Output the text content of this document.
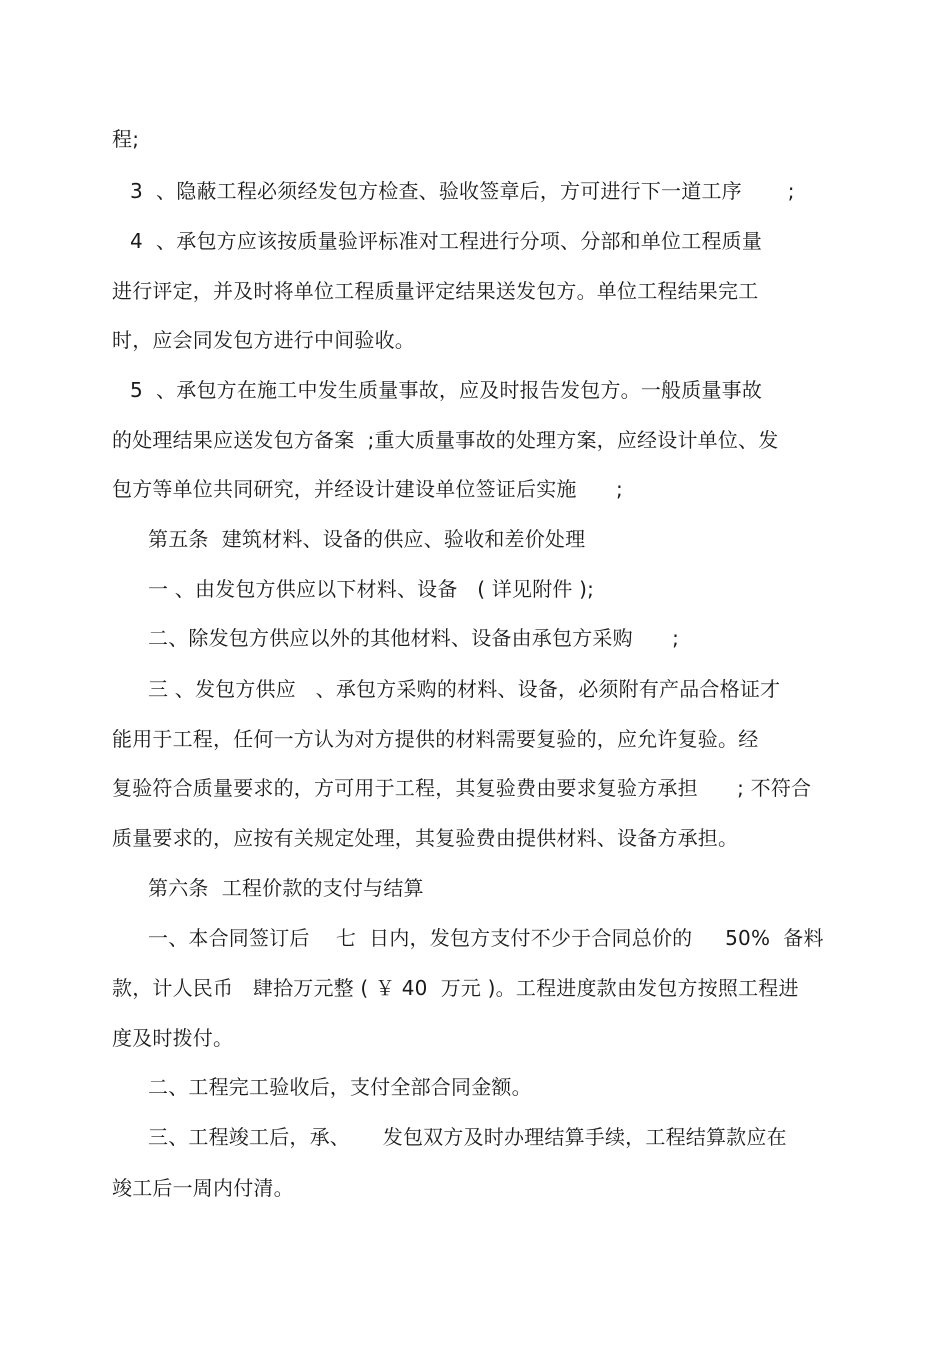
程;
3  、隐蔽工程必须经发包方检查、验收签章后，方可进行下一道工序       ;
4  、承包方应该按质量验评标准对工程进行分项、分部和单位工程质量
进行评定，并及时将单位工程质量评定结果送发包方。单位工程结果完工
时，应会同发包方进行中间验收。
5  、承包方在施工中发生质量事故，应及时报告发包方。一般质量事故
的处理结果应送发包方备案  ;重大质量事故的处理方案，应经设计单位、发
包方等单位共同研究，并经设计建设单位签证后实施      ;
第五条  建筑材料、设备的供应、验收和差价处理
一 、由发包方供应以下材料、设备   ( 详见附件 );
二、除发包方供应以外的其他材料、设备由承包方采购      ;
三 、发包方供应   、承包方采购的材料、设备，必须附有产品合格证才
能用于工程，任何一方认为对方提供的材料需要复验的，应允许复验。经
复验符合质量要求的，方可用于工程，其复验费由要求复验方承担      ; 不符合
质量要求的，应按有关规定处理，其复验费由提供材料、设备方承担。
第六条  工程价款的支付与结算
一、本合同签订后    七  日内，发包方支付不少于合同总价的     50%  备料
款，计人民币   肆拾万元整 ( ￥ 40  万元 )。工程进度款由发包方按照工程进
度及时拨付。
二、工程完工验收后，支付全部合同金额。
三、工程竣工后，承、     发包双方及时办理结算手续，工程结算款应在
竣工后一周内付清。
